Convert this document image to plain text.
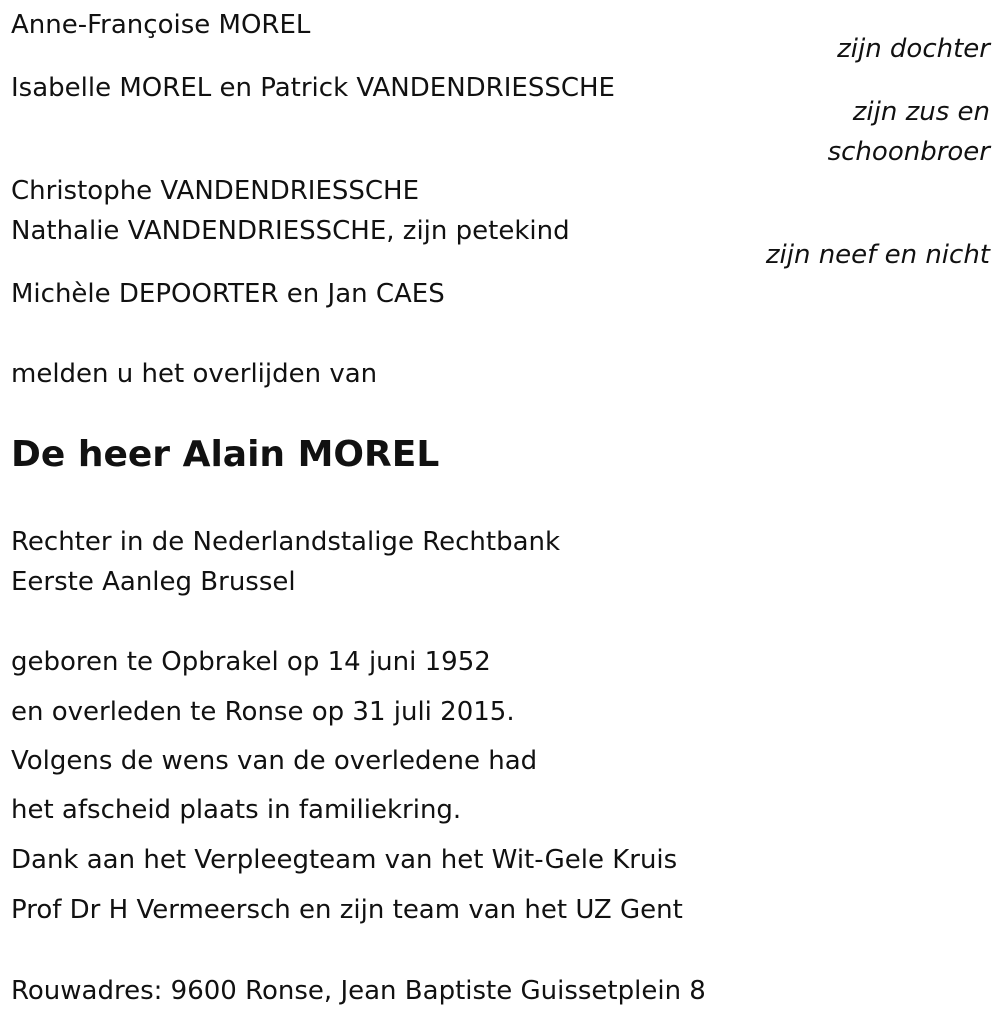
Anne-Françoise MOREL
zijn dochter
Isabelle MOREL en Patrick VANDENDRIESSCHE
zijn zus en
schoonbroer
Christophe VANDENDRIESSCHE
Nathalie VANDENDRIESSCHE, zijn petekind
zijn neef en nicht
Michèle DEPOORTER en Jan CAES
melden u het overlijden van
De heer Alain MOREL
Rechter in de Nederlandstalige Rechtbank
Eerste Aanleg Brussel
geboren te Opbrakel op 14 juni 1952
en overleden te Ronse op 31 juli 2015.
Volgens de wens van de overledene had
het afscheid plaats in familiekring.
Dank aan het Verpleegteam van het Wit-Gele Kruis
Prof Dr H Vermeersch en zijn team van het UZ Gent
Rouwadres: 9600 Ronse, Jean Baptiste Guissetplein 8
